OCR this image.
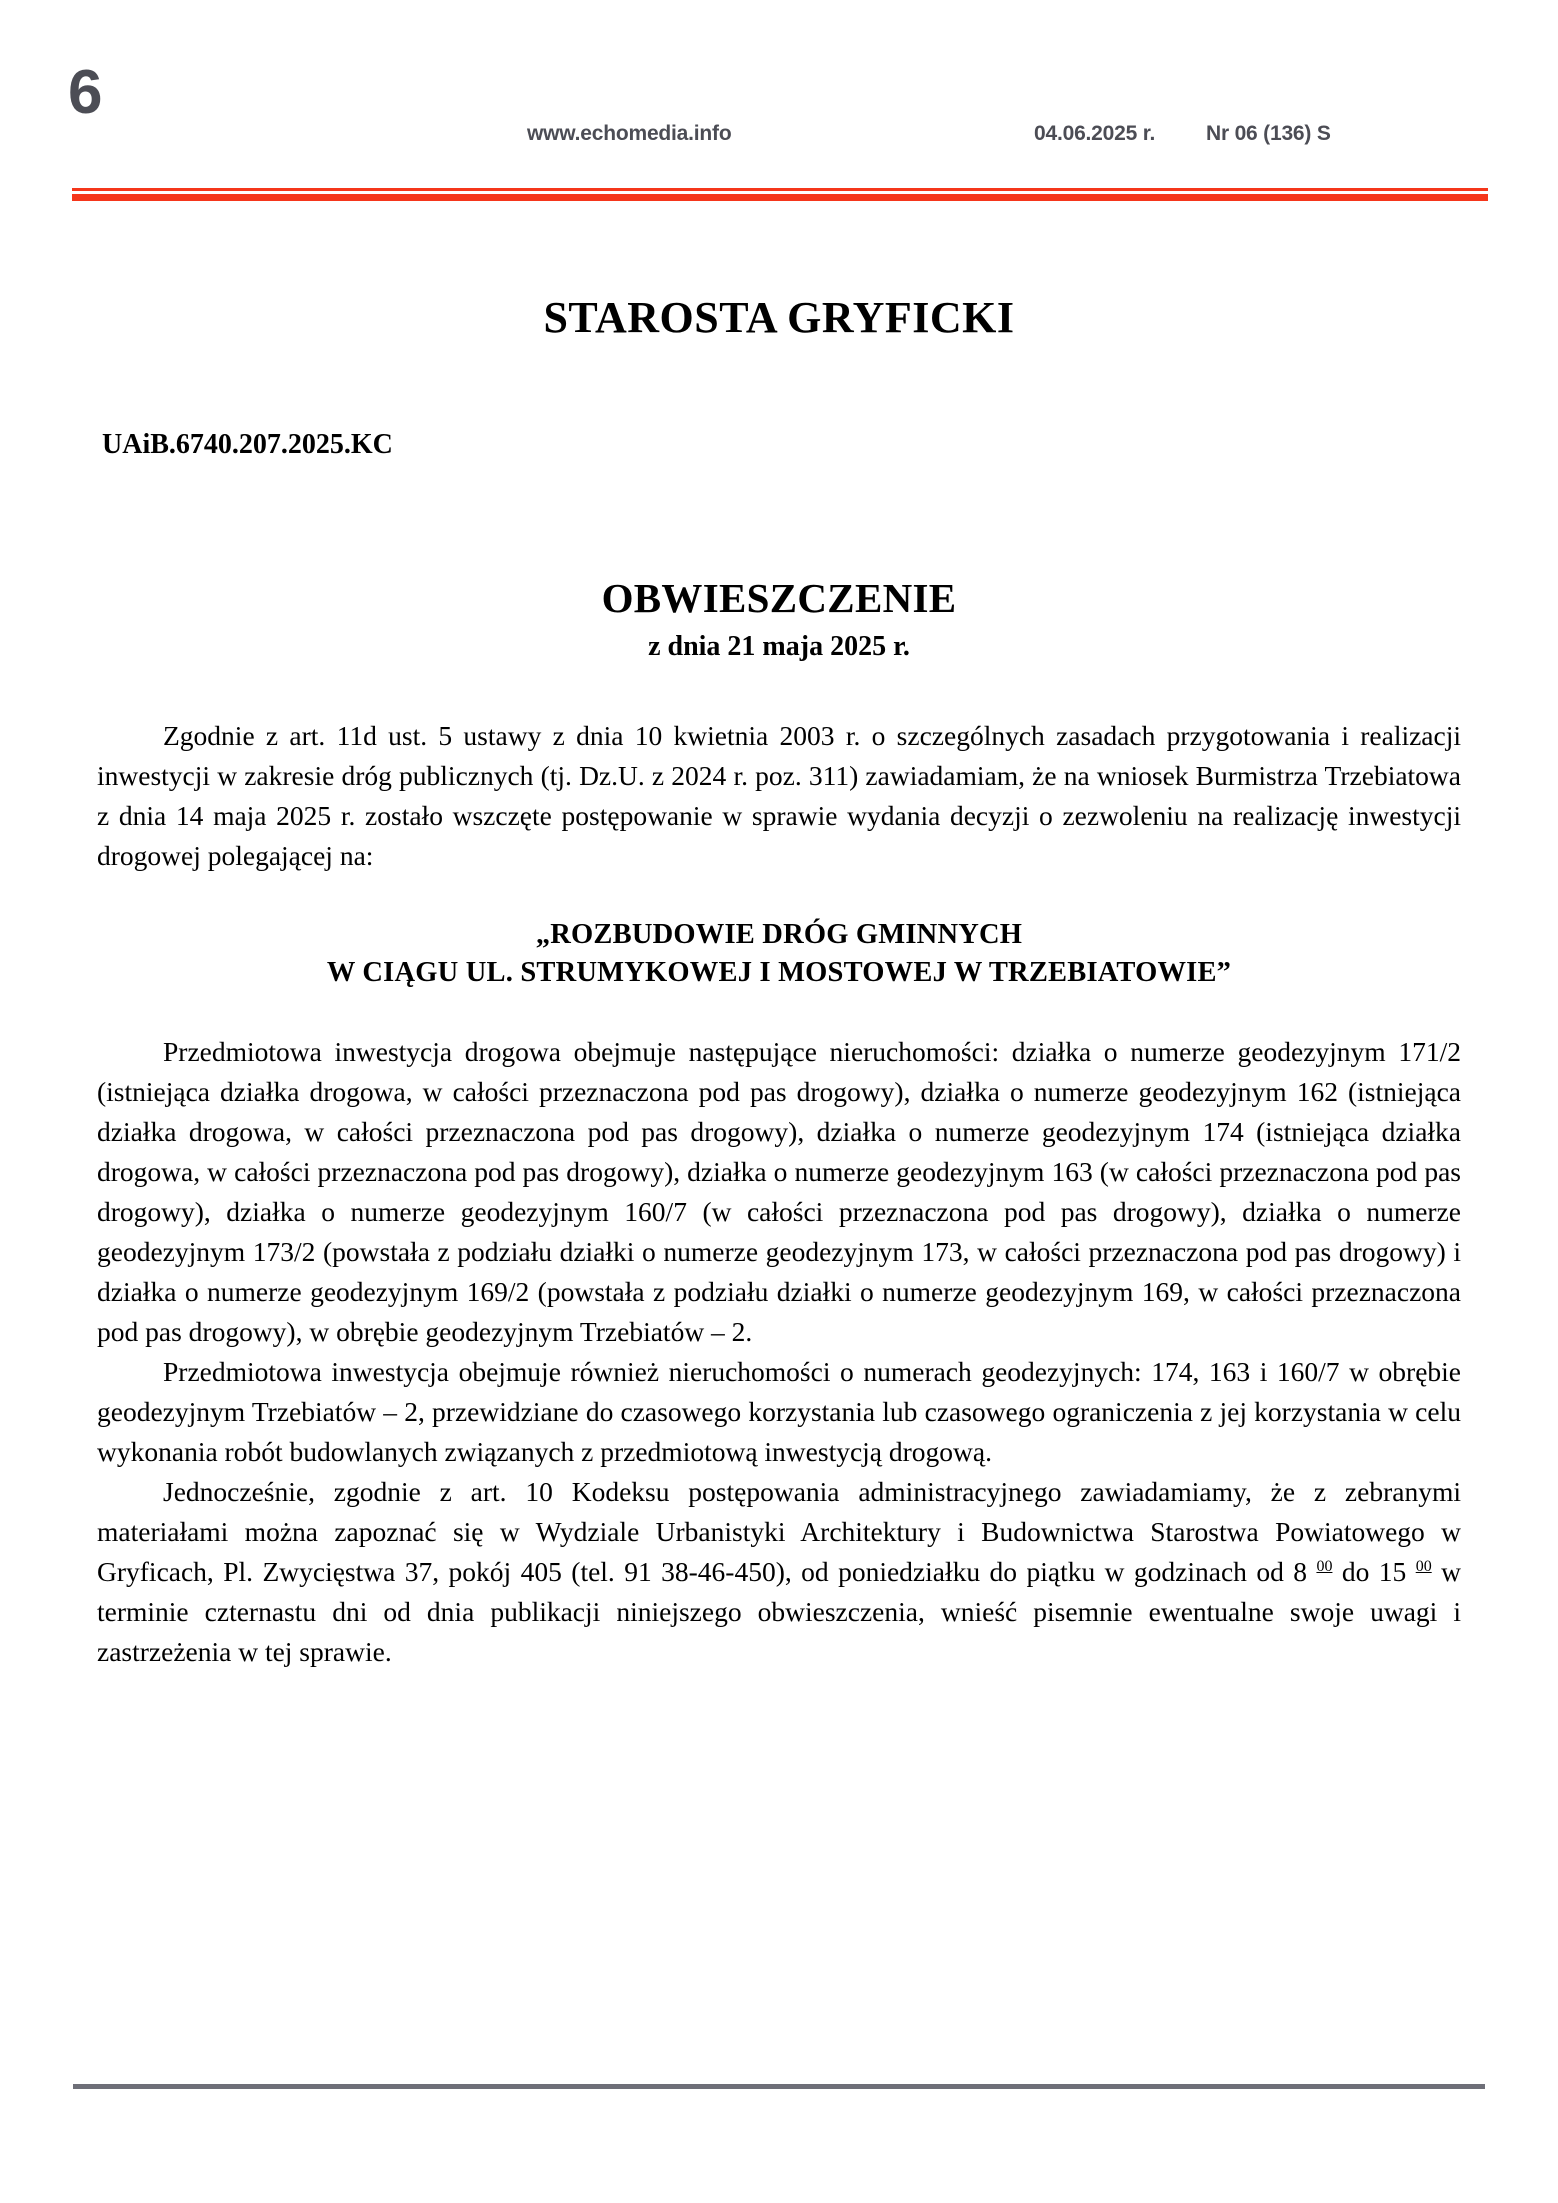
6
www.echomedia.info	04.06.2025 r. Nr 06 (136) S
STAROSTA GRYFICKI
UAiB.6740.207.2025.KC
OBWIESZCZENIE
z dnia 21 maja 2025 r.

Zgodnie z art. 11d ust. 5 ustawy z dnia 10 kwietnia 2003 r. o szczególnych zasadach przygotowania i realizacji inwestycji w zakresie dróg publicznych (tj. Dz.U. z 2024 r. poz. 311) zawiadamiam, że na wniosek Burmistrza Trzebiatowa z dnia 14 maja 2025 r. zostało wszczęte postępowanie w sprawie wydania decyzji o zezwoleniu na realizację inwestycji drogowej polegającej na:

„ROZBUDOWIE DRÓG GMINNYCH
W CIĄGU UL. STRUMYKOWEJ I MOSTOWEJ W TRZEBIATOWIE”

Przedmiotowa inwestycja drogowa obejmuje następujące nieruchomości: działka o numerze geodezyjnym 171/2 (istniejąca działka drogowa, w całości przeznaczona pod pas drogowy), działka o numerze geodezyjnym 162 (istniejąca działka drogowa, w całości przeznaczona pod pas drogowy), działka o numerze geodezyjnym 174 (istniejąca działka drogowa, w całości przeznaczona pod pas drogowy), działka o numerze geodezyjnym 163 (w całości przeznaczona pod pas drogowy), działka o numerze geodezyjnym 160/7 (w całości przeznaczona pod pas drogowy), działka o numerze geodezyjnym 173/2 (powstała z podziału działki o numerze geodezyjnym 173, w całości przeznaczona pod pas drogowy) i działka o numerze geodezyjnym 169/2 (powstała z podziału działki o numerze geodezyjnym 169, w całości przeznaczona pod pas drogowy), w obrębie geodezyjnym Trzebiatów – 2.

Przedmiotowa inwestycja obejmuje również nieruchomości o numerach geodezyjnych: 174, 163 i 160/7 w obrębie geodezyjnym Trzebiatów – 2, przewidziane do czasowego korzystania lub czasowego ograniczenia z jej korzystania w celu wykonania robót budowlanych związanych z przedmiotową inwestycją drogową.

Jednocześnie, zgodnie z art. 10 Kodeksu postępowania administracyjnego zawiadamiamy, że z zebranymi materiałami można zapoznać się w Wydziale Urbanistyki Architektury i Budownictwa Starostwa Powiatowego w Gryficach, Pl. Zwycięstwa 37, pokój 405 (tel. 91 38-46-450), od poniedziałku do piątku w godzinach od 8 $^{00}$ do 15 $^{00}$ w terminie czternastu dni od dnia publikacji niniejszego obwieszczenia, wnieść pisemnie ewentualne swoje uwagi i zastrzeżenia w tej sprawie.
